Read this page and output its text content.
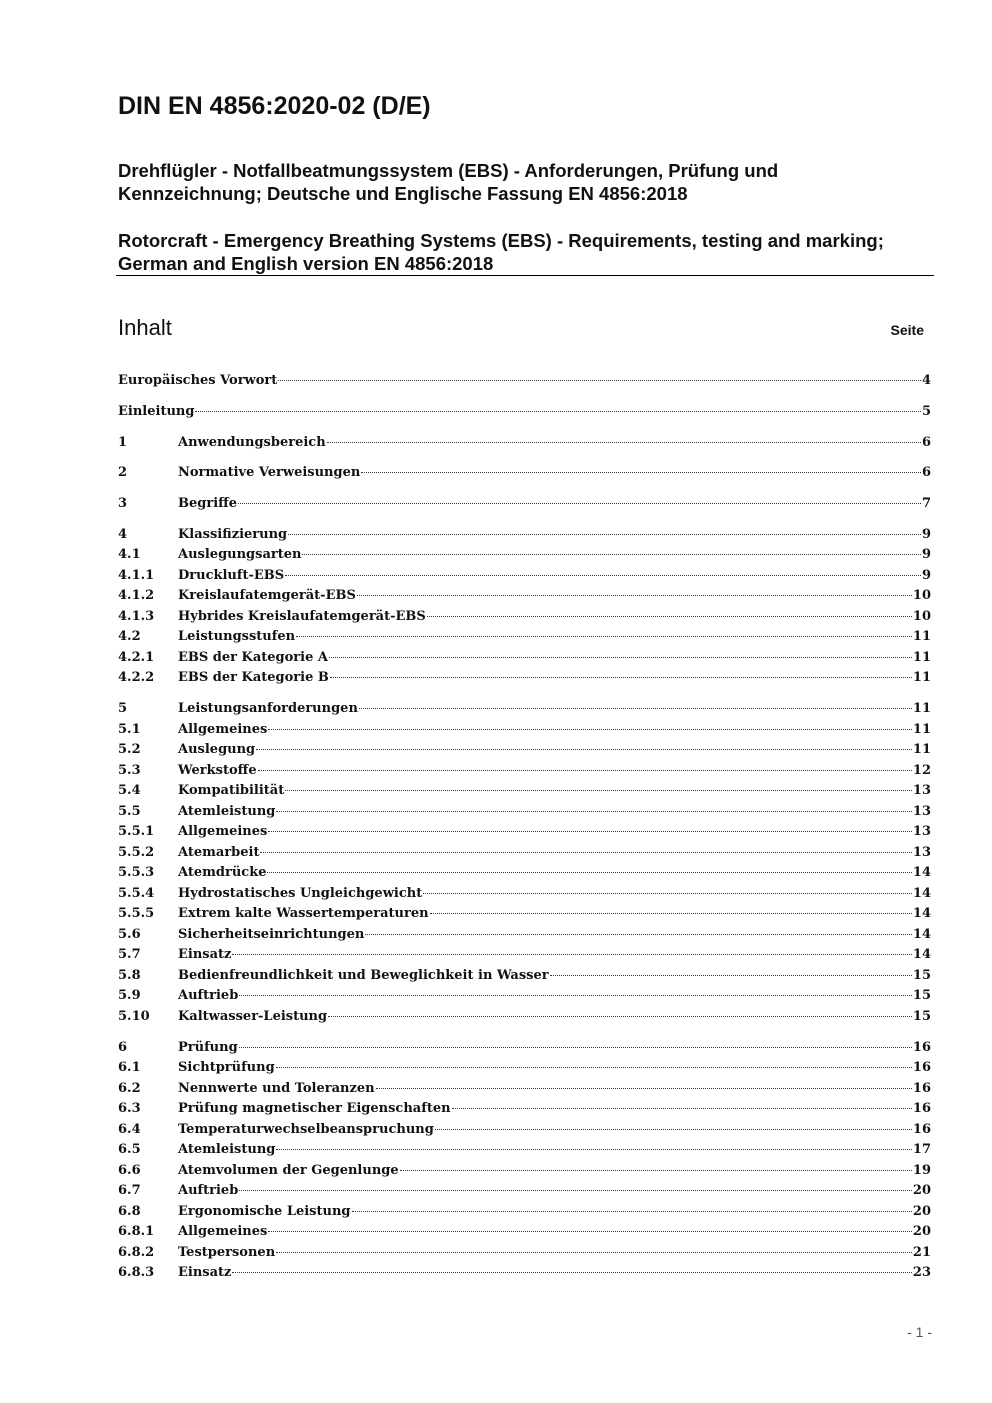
DIN EN 4856:2020-02 (D/E)
Drehflügler - Notfallbeatmungssystem (EBS) - Anforderungen, Prüfung und Kennzeichnung; Deutsche und Englische Fassung EN 4856:2018
Rotorcraft - Emergency Breathing Systems (EBS) - Requirements, testing and marking; German and English version EN 4856:2018
Inhalt	Seite
Europäisches Vorwort	4
Einleitung	5
1	Anwendungsbereich	6
2	Normative Verweisungen	6
3	Begriffe	7
4	Klassifizierung	9
4.1	Auslegungsarten	9
4.1.1	Druckluft-EBS	9
4.1.2	Kreislaufatemgerät-EBS	10
4.1.3	Hybrides Kreislaufatemgerät-EBS	10
4.2	Leistungsstufen	11
4.2.1	EBS der Kategorie A	11
4.2.2	EBS der Kategorie B	11
5	Leistungsanforderungen	11
5.1	Allgemeines	11
5.2	Auslegung	11
5.3	Werkstoffe	12
5.4	Kompatibilität	13
5.5	Atemleistung	13
5.5.1	Allgemeines	13
5.5.2	Atemarbeit	13
5.5.3	Atemdrücke	14
5.5.4	Hydrostatisches Ungleichgewicht	14
5.5.5	Extrem kalte Wassertemperaturen	14
5.6	Sicherheitseinrichtungen	14
5.7	Einsatz	14
5.8	Bedienfreundlichkeit und Beweglichkeit in Wasser	15
5.9	Auftrieb	15
5.10	Kaltwasser-Leistung	15
6	Prüfung	16
6.1	Sichtprüfung	16
6.2	Nennwerte und Toleranzen	16
6.3	Prüfung magnetischer Eigenschaften	16
6.4	Temperaturwechselbeanspruchung	16
6.5	Atemleistung	17
6.6	Atemvolumen der Gegenlunge	19
6.7	Auftrieb	20
6.8	Ergonomische Leistung	20
6.8.1	Allgemeines	20
6.8.2	Testpersonen	21
6.8.3	Einsatz	23
- 1 -
